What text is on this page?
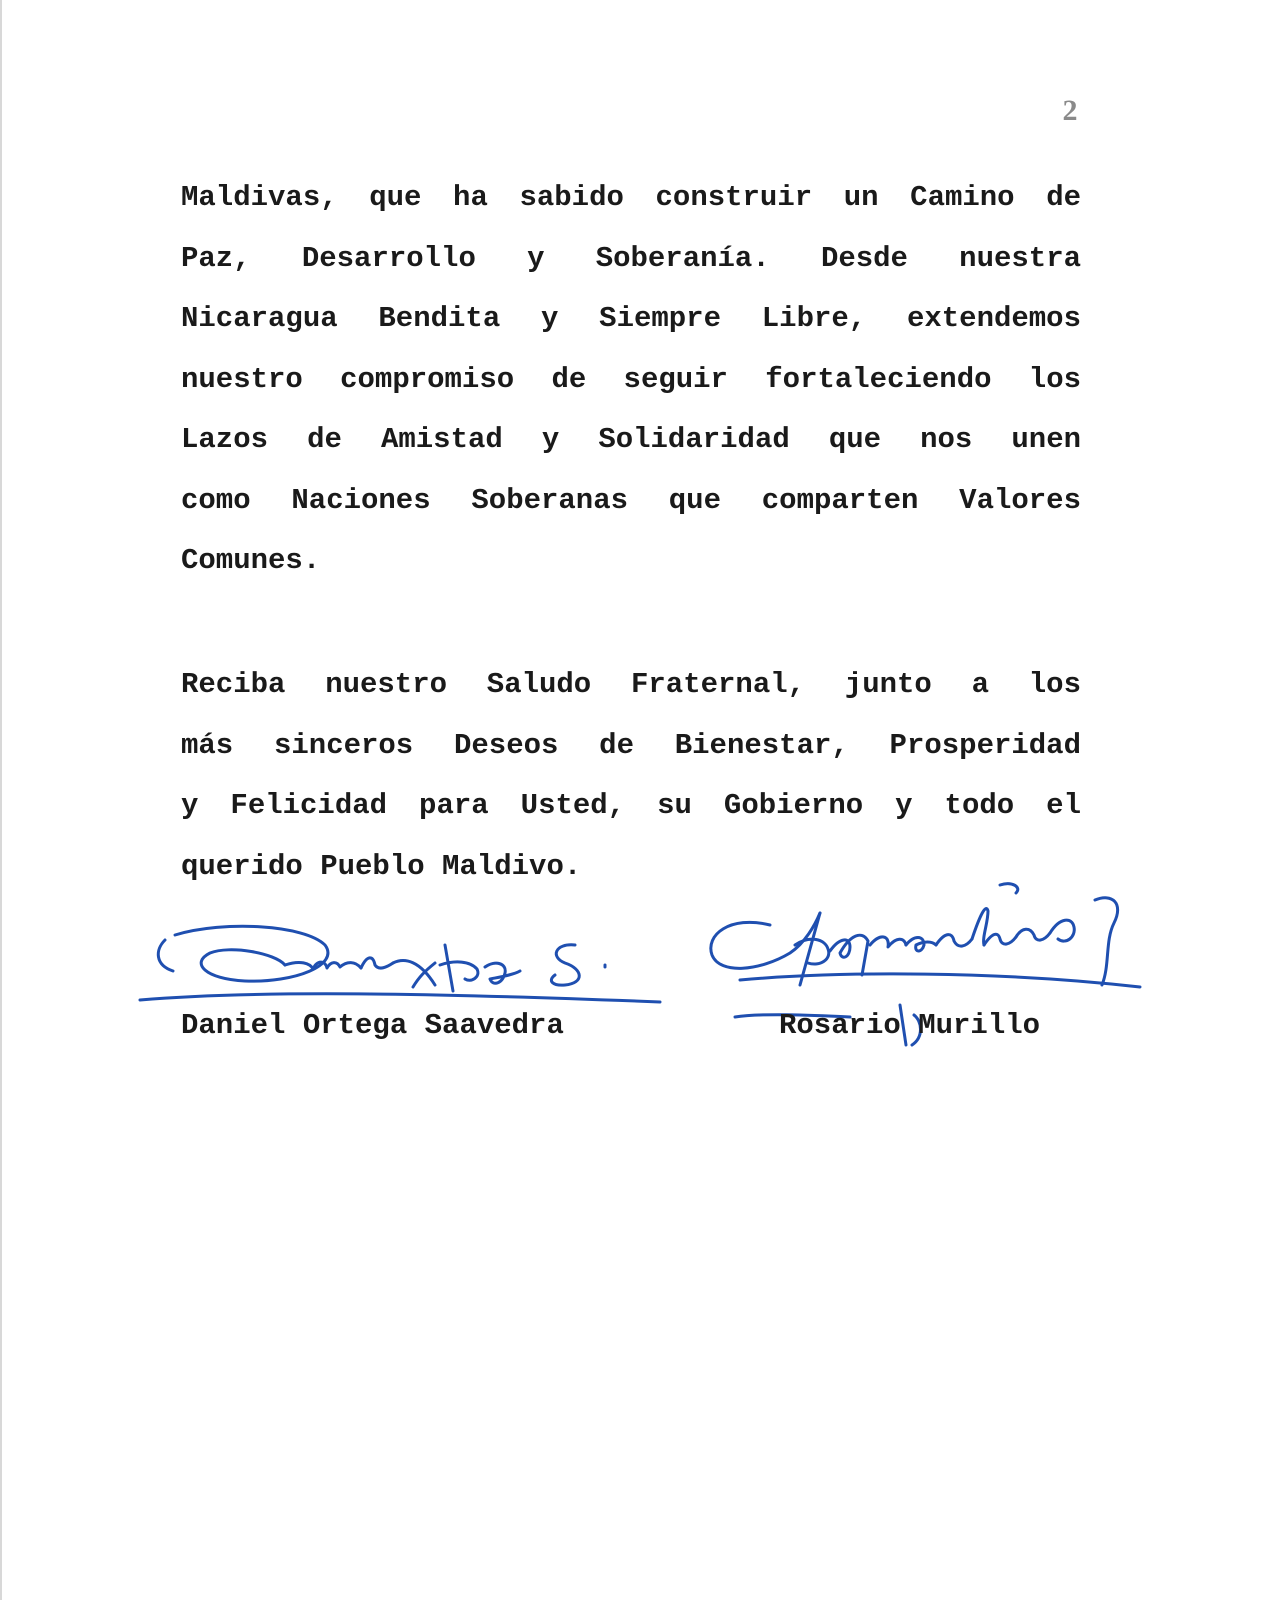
2
Maldivas, que ha sabido construir un Camino de
Paz, Desarrollo y Soberanía. Desde nuestra
Nicaragua Bendita y Siempre Libre, extendemos
nuestro compromiso de seguir fortaleciendo los
Lazos de Amistad y Solidaridad que nos unen
como Naciones Soberanas que comparten Valores
Comunes.
Reciba nuestro Saludo Fraternal, junto a los
más sinceros Deseos de Bienestar, Prosperidad
y Felicidad para Usted, su Gobierno y todo el
querido Pueblo Maldivo.
Daniel Ortega Saavedra	Rosario Murillo
